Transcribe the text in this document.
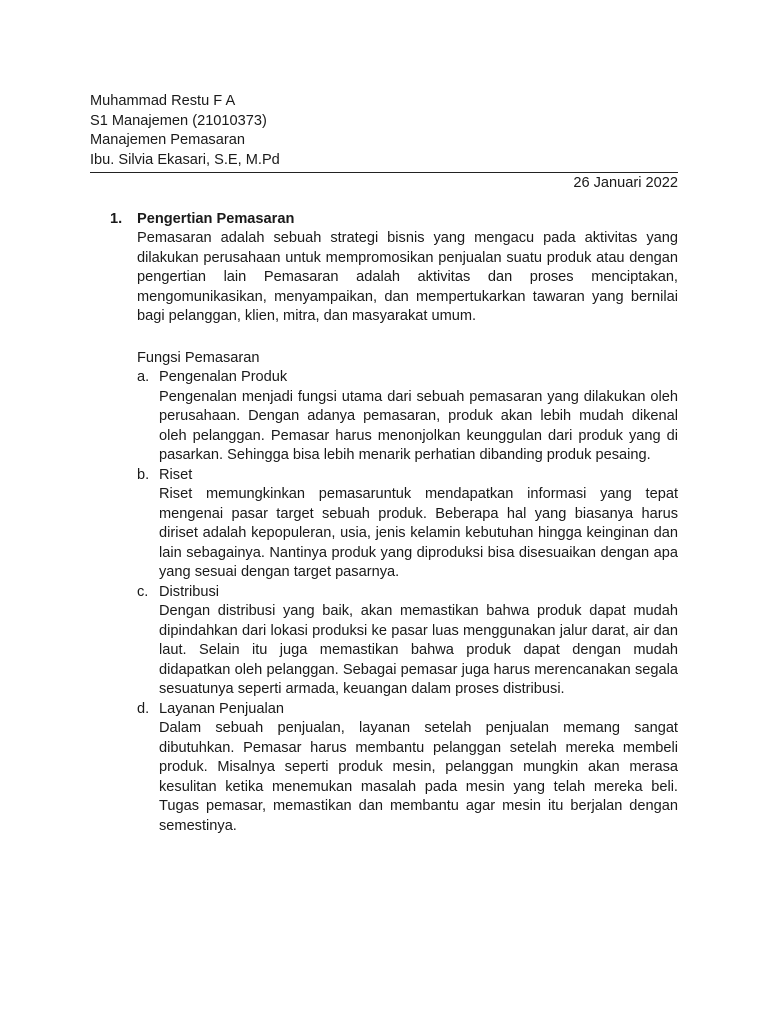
Muhammad Restu F A
S1 Manajemen (21010373)
Manajemen Pemasaran
Ibu. Silvia Ekasari, S.E, M.Pd
26 Januari 2022
1. Pengertian Pemasaran
Pemasaran adalah sebuah strategi bisnis yang mengacu pada aktivitas yang dilakukan perusahaan untuk mempromosikan penjualan suatu produk atau dengan pengertian lain Pemasaran adalah aktivitas dan proses menciptakan, mengomunikasikan, menyampaikan, dan mempertukarkan tawaran yang bernilai bagi pelanggan, klien, mitra, dan masyarakat umum.
Fungsi Pemasaran
a. Pengenalan Produk
Pengenalan menjadi fungsi utama dari sebuah pemasaran yang dilakukan oleh perusahaan. Dengan adanya pemasaran, produk akan lebih mudah dikenal oleh pelanggan. Pemasar harus menonjolkan keunggulan dari produk yang di pasarkan. Sehingga bisa lebih menarik perhatian dibanding produk pesaing.
b. Riset
Riset memungkinkan pemasaruntuk mendapatkan informasi yang tepat mengenai pasar target sebuah produk. Beberapa hal yang biasanya harus diriset adalah kepopuleran, usia, jenis kelamin kebutuhan hingga keinginan dan lain sebagainya. Nantinya produk yang diproduksi bisa disesuaikan dengan apa yang sesuai dengan target pasarnya.
c. Distribusi
Dengan distribusi yang baik, akan memastikan bahwa produk dapat mudah dipindahkan dari lokasi produksi ke pasar luas menggunakan jalur darat, air dan laut. Selain itu juga memastikan bahwa produk dapat dengan mudah didapatkan oleh pelanggan. Sebagai pemasar juga harus merencanakan segala sesuatunya seperti armada, keuangan dalam proses distribusi.
d. Layanan Penjualan
Dalam sebuah penjualan, layanan setelah penjualan memang sangat dibutuhkan. Pemasar harus membantu pelanggan setelah mereka membeli produk. Misalnya seperti produk mesin, pelanggan mungkin akan merasa kesulitan ketika menemukan masalah pada mesin yang telah mereka beli. Tugas pemasar, memastikan dan membantu agar mesin itu berjalan dengan semestinya.
